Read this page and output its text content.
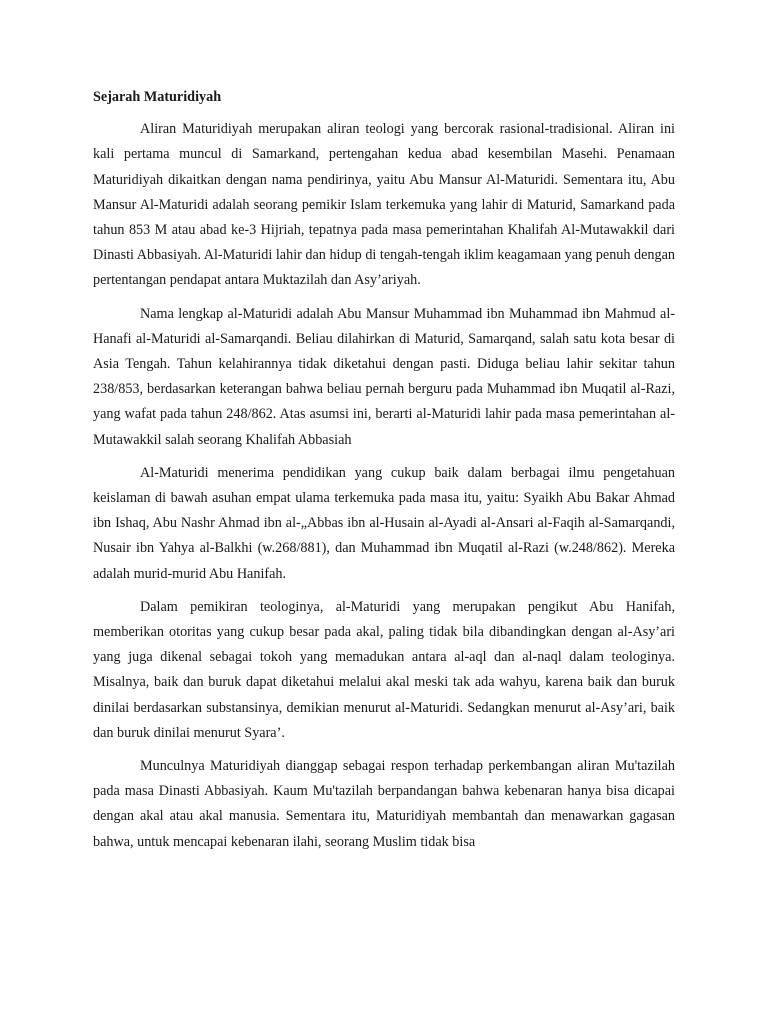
Sejarah Maturidiyah

Aliran Maturidiyah merupakan aliran teologi yang bercorak rasional-tradisional. Aliran ini kali pertama muncul di Samarkand, pertengahan kedua abad kesembilan Masehi. Penamaan Maturidiyah dikaitkan dengan nama pendirinya, yaitu Abu Mansur Al-Maturidi. Sementara itu, Abu Mansur Al-Maturidi adalah seorang pemikir Islam terkemuka yang lahir di Maturid, Samarkand pada tahun 853 M atau abad ke-3 Hijriah, tepatnya pada masa pemerintahan Khalifah Al-Mutawakkil dari Dinasti Abbasiyah. Al-Maturidi lahir dan hidup di tengah-tengah iklim keagamaan yang penuh dengan pertentangan pendapat antara Muktazilah dan Asy’ariyah.

Nama lengkap al-Maturidi adalah Abu Mansur Muhammad ibn Muhammad ibn Mahmud al-Hanafi al-Maturidi al-Samarqandi. Beliau dilahirkan di Maturid, Samarqand, salah satu kota besar di Asia Tengah. Tahun kelahirannya tidak diketahui dengan pasti. Diduga beliau lahir sekitar tahun 238/853, berdasarkan keterangan bahwa beliau pernah berguru pada Muhammad ibn Muqatil al-Razi, yang wafat pada tahun 248/862. Atas asumsi ini, berarti al-Maturidi lahir pada masa pemerintahan al-Mutawakkil salah seorang Khalifah Abbasiah

Al-Maturidi menerima pendidikan yang cukup baik dalam berbagai ilmu pengetahuan keislaman di bawah asuhan empat ulama terkemuka pada masa itu, yaitu: Syaikh Abu Bakar Ahmad ibn Ishaq, Abu Nashr Ahmad ibn al-„Abbas ibn al-Husain al-Ayadi al-Ansari al-Faqih al-Samarqandi, Nusair ibn Yahya al-Balkhi (w.268/881), dan Muhammad ibn Muqatil al-Razi (w.248/862). Mereka adalah murid-murid Abu Hanifah.

Dalam pemikiran teologinya, al-Maturidi yang merupakan pengikut Abu Hanifah, memberikan otoritas yang cukup besar pada akal, paling tidak bila dibandingkan dengan al-Asy’ari yang juga dikenal sebagai tokoh yang memadukan antara al-aql dan al-naql dalam teologinya. Misalnya, baik dan buruk dapat diketahui melalui akal meski tak ada wahyu, karena baik dan buruk dinilai berdasarkan substansinya, demikian menurut al-Maturidi. Sedangkan menurut al-Asy’ari, baik dan buruk dinilai menurut Syara’.

Munculnya Maturidiyah dianggap sebagai respon terhadap perkembangan aliran Mu'tazilah pada masa Dinasti Abbasiyah. Kaum Mu'tazilah berpandangan bahwa kebenaran hanya bisa dicapai dengan akal atau akal manusia. Sementara itu, Maturidiyah membantah dan menawarkan gagasan bahwa, untuk mencapai kebenaran ilahi, seorang Muslim tidak bisa
